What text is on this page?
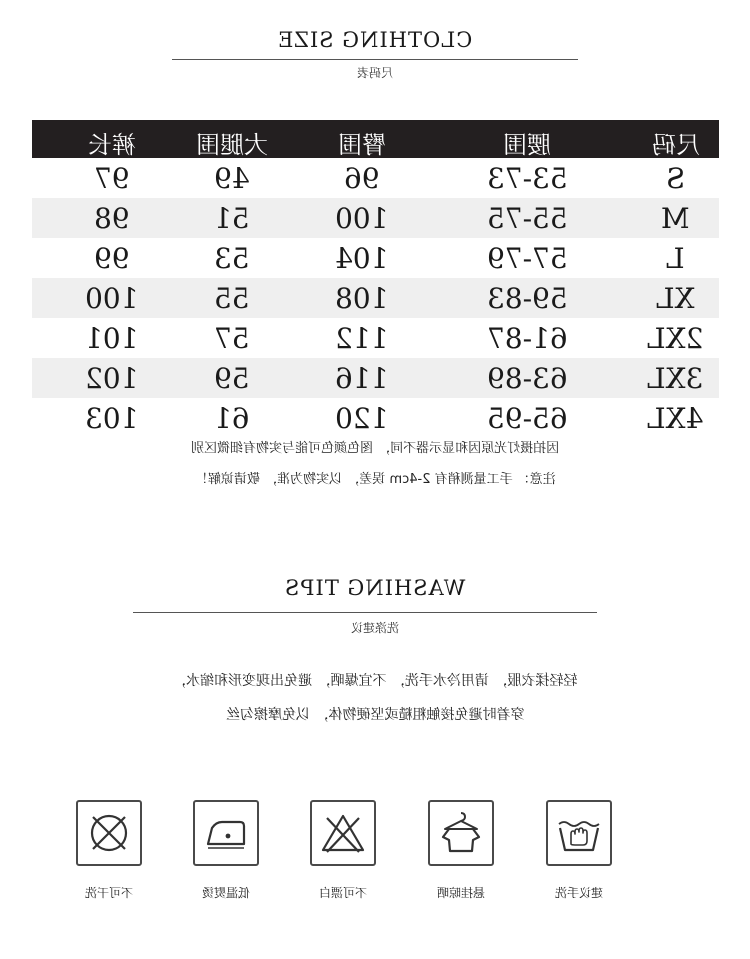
CLOTHING SIZE
尺码表
裤长	大腿围	臀围	腰围	尺码
97	49	96	53-73	S
98	51	100	55-75	M
99	53	104	57-79	L
100	55	108	59-83	XL
101	57	112	61-87	2XL
102	59	116	63-89	3XL
103	61	120	65-95	4XL
因拍摄灯光原因和显示器不同， 图色颜色可能与实物有细微区别
注意： 手工量测稍有 2-4cm 误差， 以实物为准， 敬请谅解！
WASHING TIPS
洗涤建议
轻轻揉衣服， 请用冷水手洗， 不宜爆晒， 避免出现变形和缩水，
穿着时避免接触粗糙或坚硬物体， 以免摩擦勾丝
不可干洗	低温熨烫	不可漂白	悬挂晾晒	建议手洗
